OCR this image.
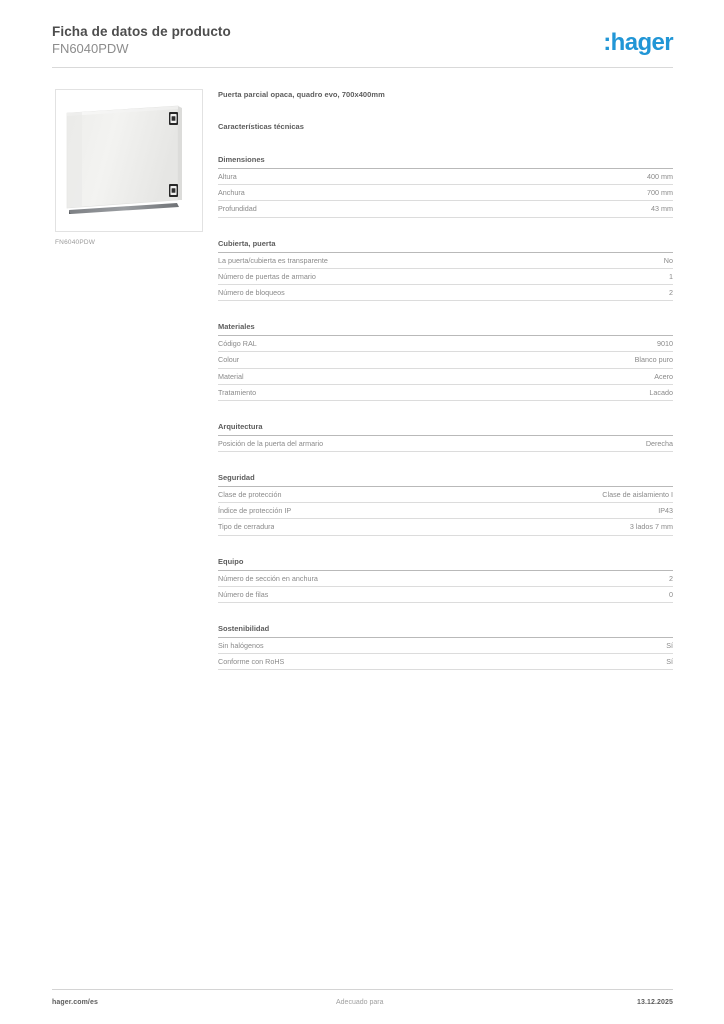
Ficha de datos de producto
FN6040PDW	:hager
FN6040PDW
Puerta parcial opaca, quadro evo, 700x400mm
Características técnicas
Dimensiones
Altura	400 mm
Anchura	700 mm
Profundidad	43 mm
Cubierta, puerta
La puerta/cubierta es transparente	No
Número de puertas de armario	1
Número de bloqueos	2
Materiales
Código RAL	9010
Colour	Blanco puro
Material	Acero
Tratamiento	Lacado
Arquitectura
Posición de la puerta del armario	Derecha
Seguridad
Clase de protección	Clase de aislamiento I
Índice de protección IP	IP43
Tipo de cerradura	3 lados 7 mm
Equipo
Número de sección en anchura	2
Número de filas	0
Sostenibilidad
Sin halógenos	Sí
Conforme con RoHS	Sí
hager.com/es	Adecuado para	13.12.2025
